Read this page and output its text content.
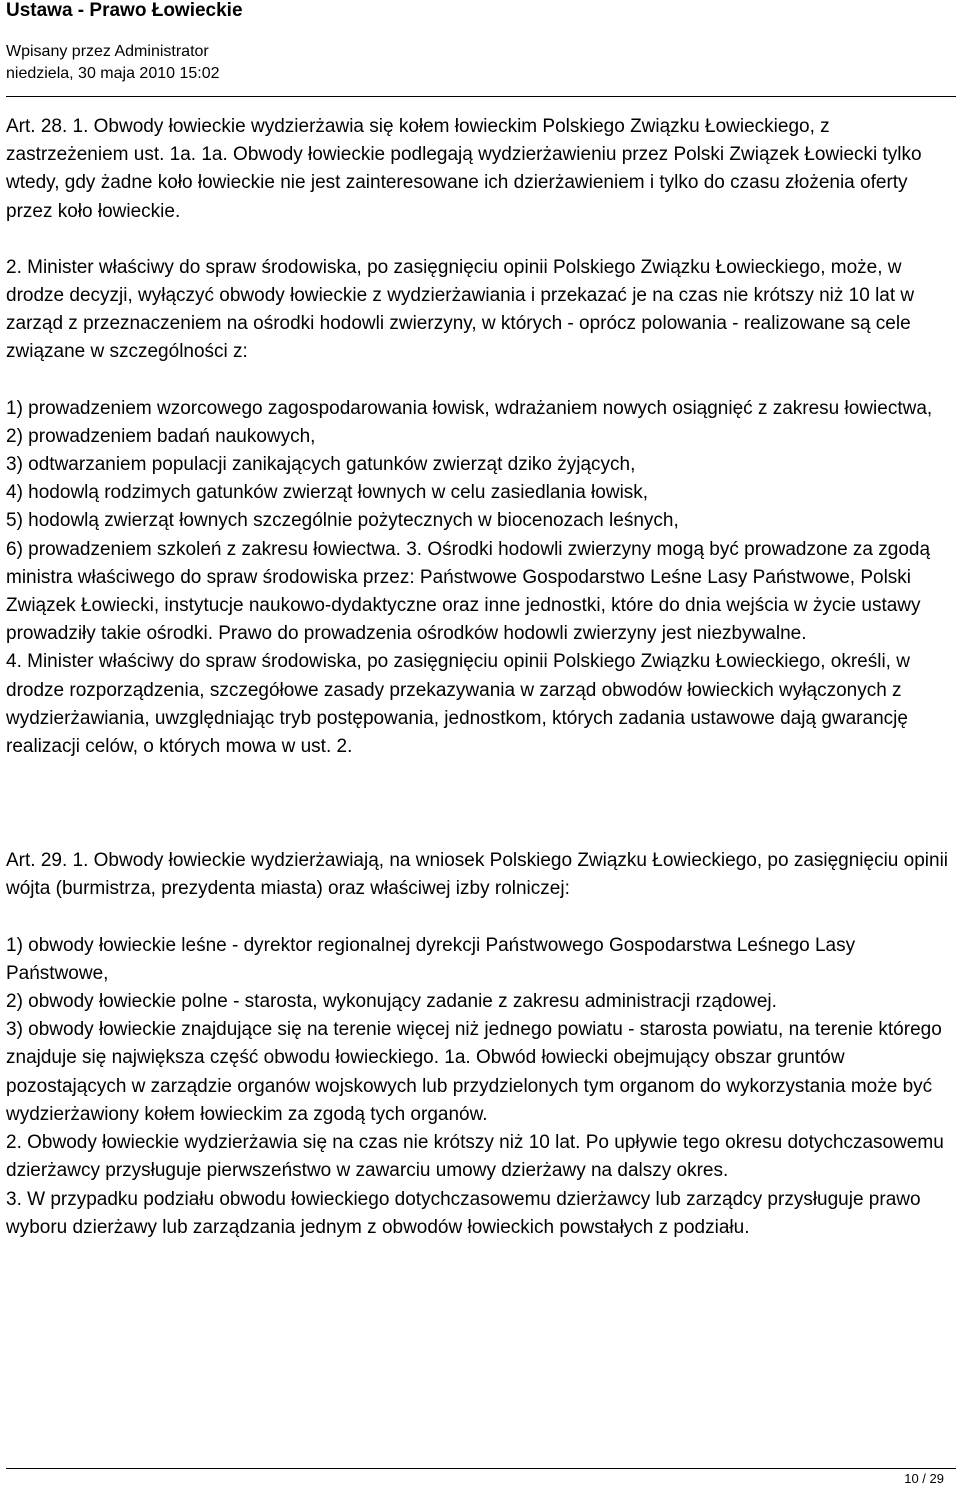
Ustawa - Prawo Łowieckie
Wpisany przez Administrator
niedziela, 30 maja 2010 15:02

Art. 28. 1. Obwody łowieckie wydzierżawia się kołem łowieckim Polskiego Związku Łowieckiego, z zastrzeżeniem ust. 1a. 1a. Obwody łowieckie podlegają wydzierżawieniu przez Polski Związek Łowiecki tylko wtedy, gdy żadne koło łowieckie nie jest zainteresowane ich dzierżawieniem i tylko do czasu złożenia oferty przez koło łowieckie.

2. Minister właściwy do spraw środowiska, po zasięgnięciu opinii Polskiego Związku Łowieckiego, może, w drodze decyzji, wyłączyć obwody łowieckie z wydzierżawiania i przekazać je na czas nie krótszy niż 10 lat w zarząd z przeznaczeniem na ośrodki hodowli zwierzyny, w których - oprócz polowania - realizowane są cele związane w szczególności z:

1) prowadzeniem wzorcowego zagospodarowania łowisk, wdrażaniem nowych osiągnięć z zakresu łowiectwa,

2) prowadzeniem badań naukowych,

3) odtwarzaniem populacji zanikających gatunków zwierząt dziko żyjących,

4) hodowlą rodzimych gatunków zwierząt łownych w celu zasiedlania łowisk,

5) hodowlą zwierząt łownych szczególnie pożytecznych w biocenozach leśnych,

6) prowadzeniem szkoleń z zakresu łowiectwa. 3. Ośrodki hodowli zwierzyny mogą być prowadzone za zgodą ministra właściwego do spraw środowiska przez: Państwowe Gospodarstwo Leśne Lasy Państwowe, Polski Związek Łowiecki, instytucje naukowo-dydaktyczne oraz inne jednostki, które do dnia wejścia w życie ustawy prowadziły takie ośrodki. Prawo do prowadzenia ośrodków hodowli zwierzyny jest niezbywalne.

4. Minister właściwy do spraw środowiska, po zasięgnięciu opinii Polskiego Związku Łowieckiego, określi, w drodze rozporządzenia, szczegółowe zasady przekazywania w zarząd obwodów łowieckich wyłączonych z wydzierżawiania, uwzględniając tryb postępowania, jednostkom, których zadania ustawowe dają gwarancję realizacji celów, o których mowa w ust. 2.

Art. 29. 1. Obwody łowieckie wydzierżawiają, na wniosek Polskiego Związku Łowieckiego, po zasięgnięciu opinii wójta (burmistrza, prezydenta miasta) oraz właściwej izby rolniczej:

1) obwody łowieckie leśne - dyrektor regionalnej dyrekcji Państwowego Gospodarstwa Leśnego Lasy Państwowe,

2) obwody łowieckie polne - starosta, wykonujący zadanie z zakresu administracji rządowej.

3) obwody łowieckie znajdujące się na terenie więcej niż jednego powiatu - starosta powiatu, na terenie którego znajduje się największa część obwodu łowieckiego. 1a. Obwód łowiecki obejmujący obszar gruntów pozostających w zarządzie organów wojskowych lub przydzielonych tym organom do wykorzystania może być wydzierżawiony kołem łowieckim za zgodą tych organów.

2. Obwody łowieckie wydzierżawia się na czas nie krótszy niż 10 lat. Po upływie tego okresu dotychczasowemu dzierżawcy przysługuje pierwszeństwo w zawarciu umowy dzierżawy na dalszy okres.

3. W przypadku podziału obwodu łowieckiego dotychczasowemu dzierżawcy lub zarządcy przysługuje prawo wyboru dzierżawy lub zarządzania jednym z obwodów łowieckich powstałych z podziału.

10 / 29
